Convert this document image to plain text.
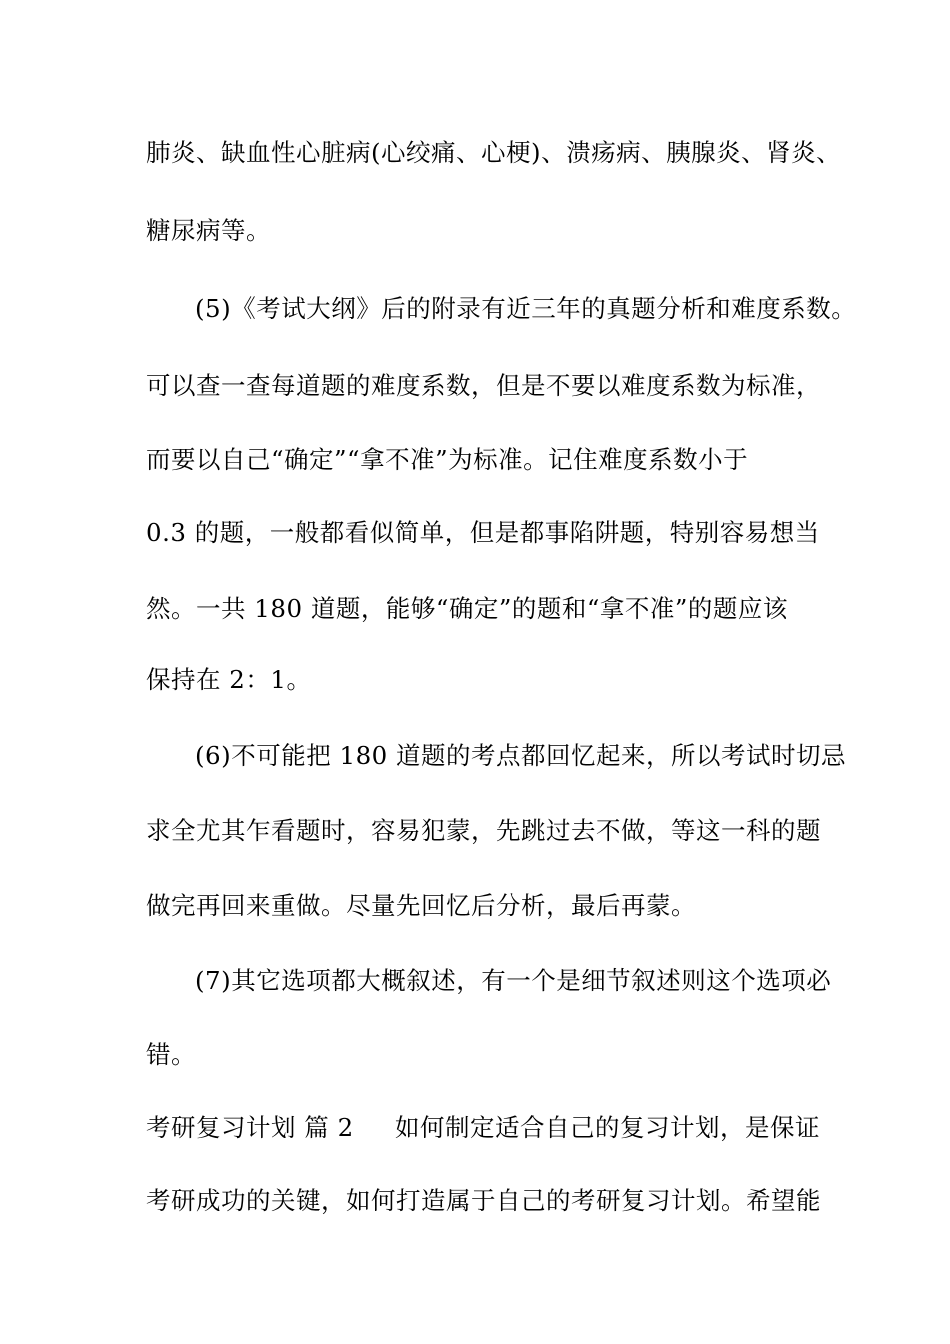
肺炎、缺血性心脏病(心绞痛、心梗)、溃疡病、胰腺炎、肾炎、
糖尿病等。
(5)《考试大纲》后的附录有近三年的真题分析和难度系数。
可以查一查每道题的难度系数，但是不要以难度系数为标准，
而要以自己“确定”“拿不准”为标准。记住难度系数小于
0.3 的题，一般都看似简单，但是都事陷阱题，特别容易想当
然。一共 180 道题，能够“确定”的题和“拿不准”的题应该
保持在 2：1。
(6)不可能把 180 道题的考点都回忆起来，所以考试时切忌
求全尤其乍看题时，容易犯蒙，先跳过去不做，等这一科的题
做完再回来重做。尽量先回忆后分析，最后再蒙。
(7)其它选项都大概叙述，有一个是细节叙述则这个选项必
错。
考研复习计划 篇 2 如何制定适合自己的复习计划，是保证
考研成功的关键，如何打造属于自己的考研复习计划。希望能
